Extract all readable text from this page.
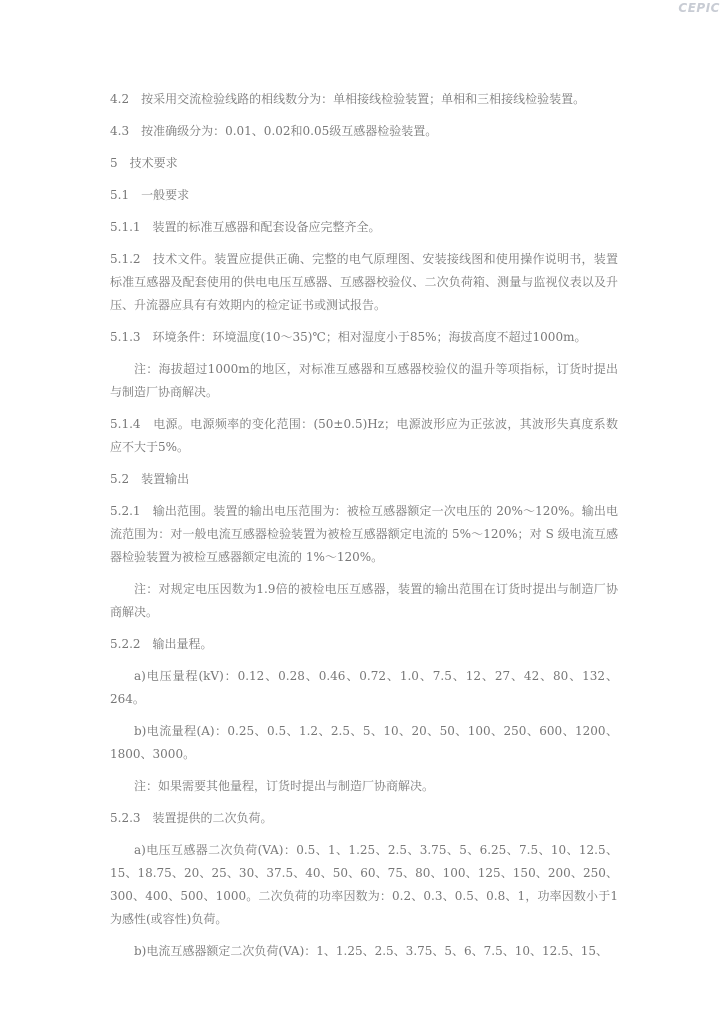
CEPIC
4.2　按采用交流检验线路的相线数分为：单相接线检验装置；单相和三相接线检验装置。
4.3　按准确级分为：0.01、0.02和0.05级互感器检验装置。
5　技术要求
5.1　一般要求
5.1.1　装置的标准互感器和配套设备应完整齐全。
5.1.2　技术文件。装置应提供正确、完整的电气原理图、安装接线图和使用操作说明书，装置标准互感器及配套使用的供电电压互感器、互感器校验仪、二次负荷箱、测量与监视仪表以及升压、升流器应具有有效期内的检定证书或测试报告。
5.1.3　环境条件：环境温度(10～35)℃；相对湿度小于85%；海拔高度不超过1000m。
注：海拔超过1000m的地区，对标准互感器和互感器校验仪的温升等项指标，订货时提出与制造厂协商解决。
5.1.4　电源。电源频率的变化范围：(50±0.5)Hz；电源波形应为正弦波，其波形失真度系数应不大于5%。
5.2　装置输出
5.2.1　输出范围。装置的输出电压范围为：被检互感器额定一次电压的 20%～120%。输出电流范围为：对一般电流互感器检验装置为被检互感器额定电流的 5%～120%；对 S 级电流互感器检验装置为被检互感器额定电流的 1%～120%。
注：对规定电压因数为1.9倍的被检电压互感器，装置的输出范围在订货时提出与制造厂协商解决。
5.2.2　输出量程。
a)电压量程(kV)：0.12、0.28、0.46、0.72、1.0、7.5、12、27、42、80、132、264。
b)电流量程(A)：0.25、0.5、1.2、2.5、5、10、20、50、100、250、600、1200、1800、3000。
注：如果需要其他量程，订货时提出与制造厂协商解决。
5.2.3　装置提供的二次负荷。
a)电压互感器二次负荷(VA)：0.5、1、1.25、2.5、3.75、5、6.25、7.5、10、12.5、15、18.75、20、25、30、37.5、40、50、60、75、80、100、125、150、200、250、300、400、500、1000。二次负荷的功率因数为：0.2、0.3、0.5、0.8、1，功率因数小于1为感性(或容性)负荷。
b)电流互感器额定二次负荷(VA)：1、1.25、2.5、3.75、5、6、7.5、10、12.5、15、
